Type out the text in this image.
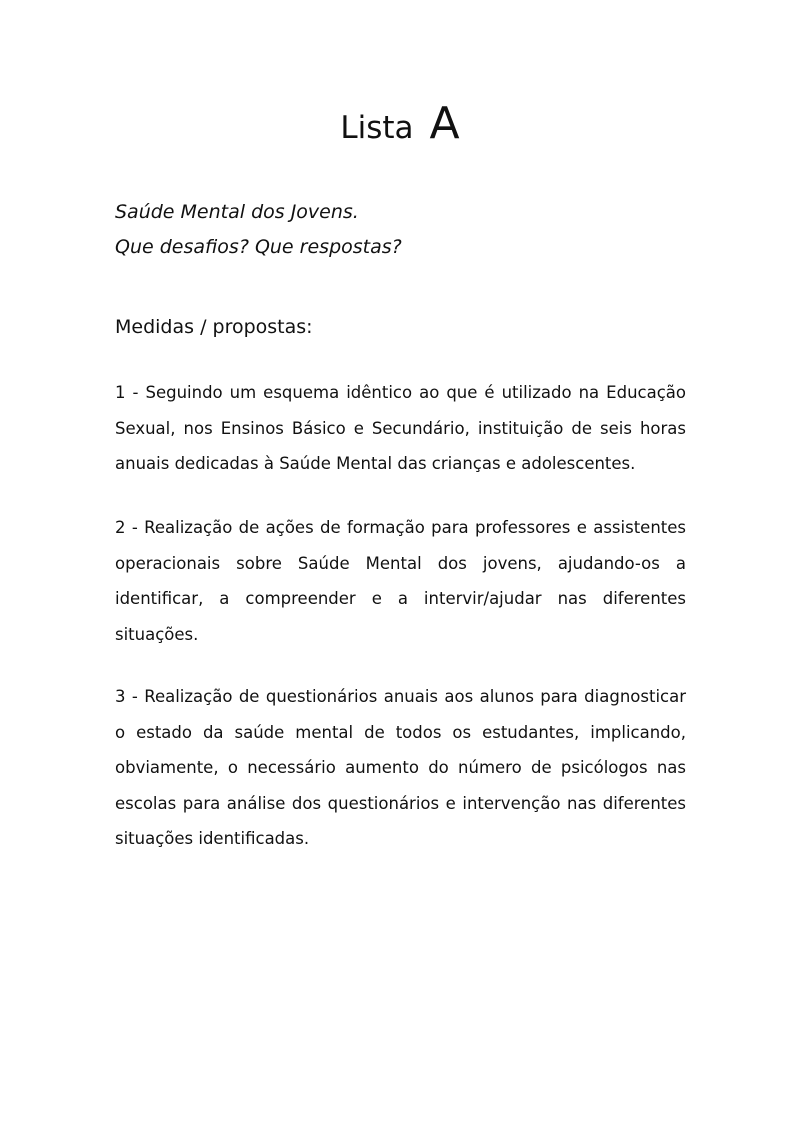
Lista A
Saúde Mental dos Jovens.
Que desafios? Que respostas?
Medidas / propostas:

1 - Seguindo um esquema idêntico ao que é utilizado na Educação Sexual, nos Ensinos Básico e Secundário, instituição de seis horas anuais dedicadas à Saúde Mental das crianças e adolescentes.

2 - Realização de ações de formação para professores e assistentes operacionais sobre Saúde Mental dos jovens, ajudando-os a identificar, a compreender e a intervir/ajudar nas diferentes situações.

3 - Realização de questionários anuais aos alunos para diagnosticar o estado da saúde mental de todos os estudantes, implicando, obviamente, o necessário aumento do número de psicólogos nas escolas para análise dos questionários e intervenção nas diferentes situações identificadas.
